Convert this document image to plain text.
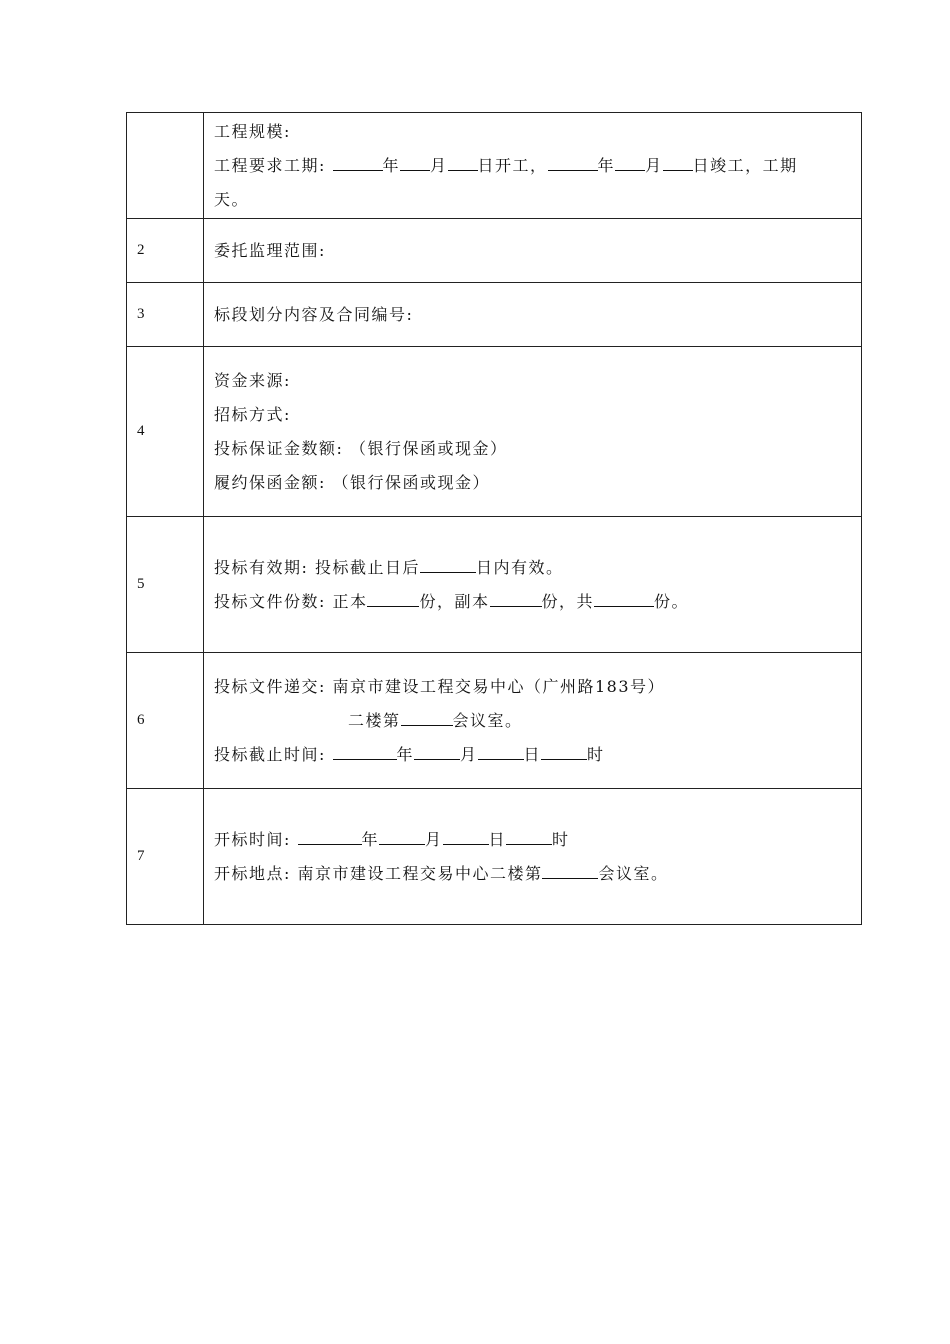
	工程规模:
工程要求工期: 年 月 日开工， 年 月 日竣工，工期
天。

2	委托监理范围:

3	标段划分内容及合同编号:

4	资金来源:
招标方式:
投标保证金数额: （银行保函或现金）
履约保函金额: （银行保函或现金）

5	投标有效期: 投标截止日后 日内有效。
投标文件份数: 正本 份，副本 份，共 份。

6	投标文件递交: 南京市建设工程交易中心（广州路183号）
二楼第 会议室。
投标截止时间: 年 月 日 时

7	开标时间: 年 月 日 时
开标地点: 南京市建设工程交易中心二楼第 会议室。
